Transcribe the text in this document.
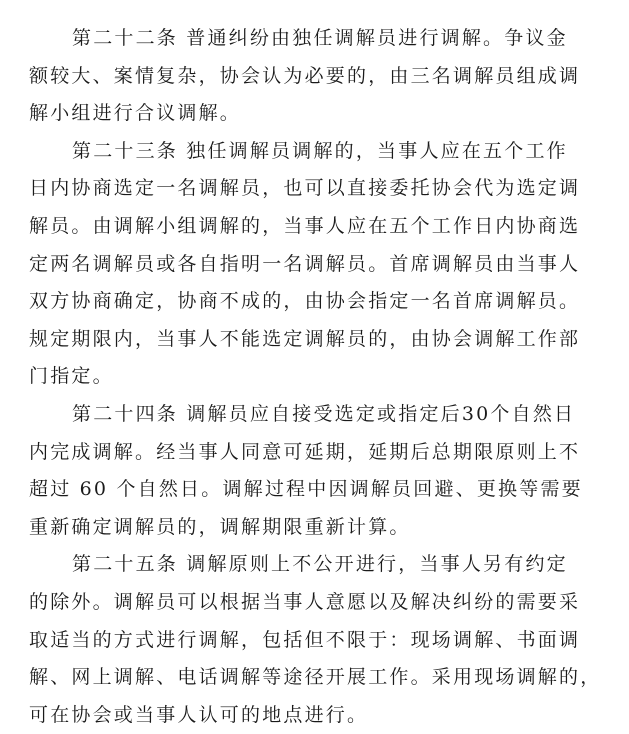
第二十二条 普通纠纷由独任调解员进行调解。争议金
额较大、案情复杂，协会认为必要的，由三名调解员组成调
解小组进行合议调解。
第二十三条 独任调解员调解的，当事人应在五个工作
日内协商选定一名调解员，也可以直接委托协会代为选定调
解员。由调解小组调解的，当事人应在五个工作日内协商选
定两名调解员或各自指明一名调解员。首席调解员由当事人
双方协商确定，协商不成的，由协会指定一名首席调解员。
规定期限内，当事人不能选定调解员的，由协会调解工作部
门指定。
第二十四条 调解员应自接受选定或指定后30个自然日
内完成调解。经当事人同意可延期，延期后总期限原则上不
超过 60 个自然日。调解过程中因调解员回避、更换等需要
重新确定调解员的，调解期限重新计算。
第二十五条 调解原则上不公开进行，当事人另有约定
的除外。调解员可以根据当事人意愿以及解决纠纷的需要采
取适当的方式进行调解，包括但不限于：现场调解、书面调
解、网上调解、电话调解等途径开展工作。采用现场调解的，
可在协会或当事人认可的地点进行。
